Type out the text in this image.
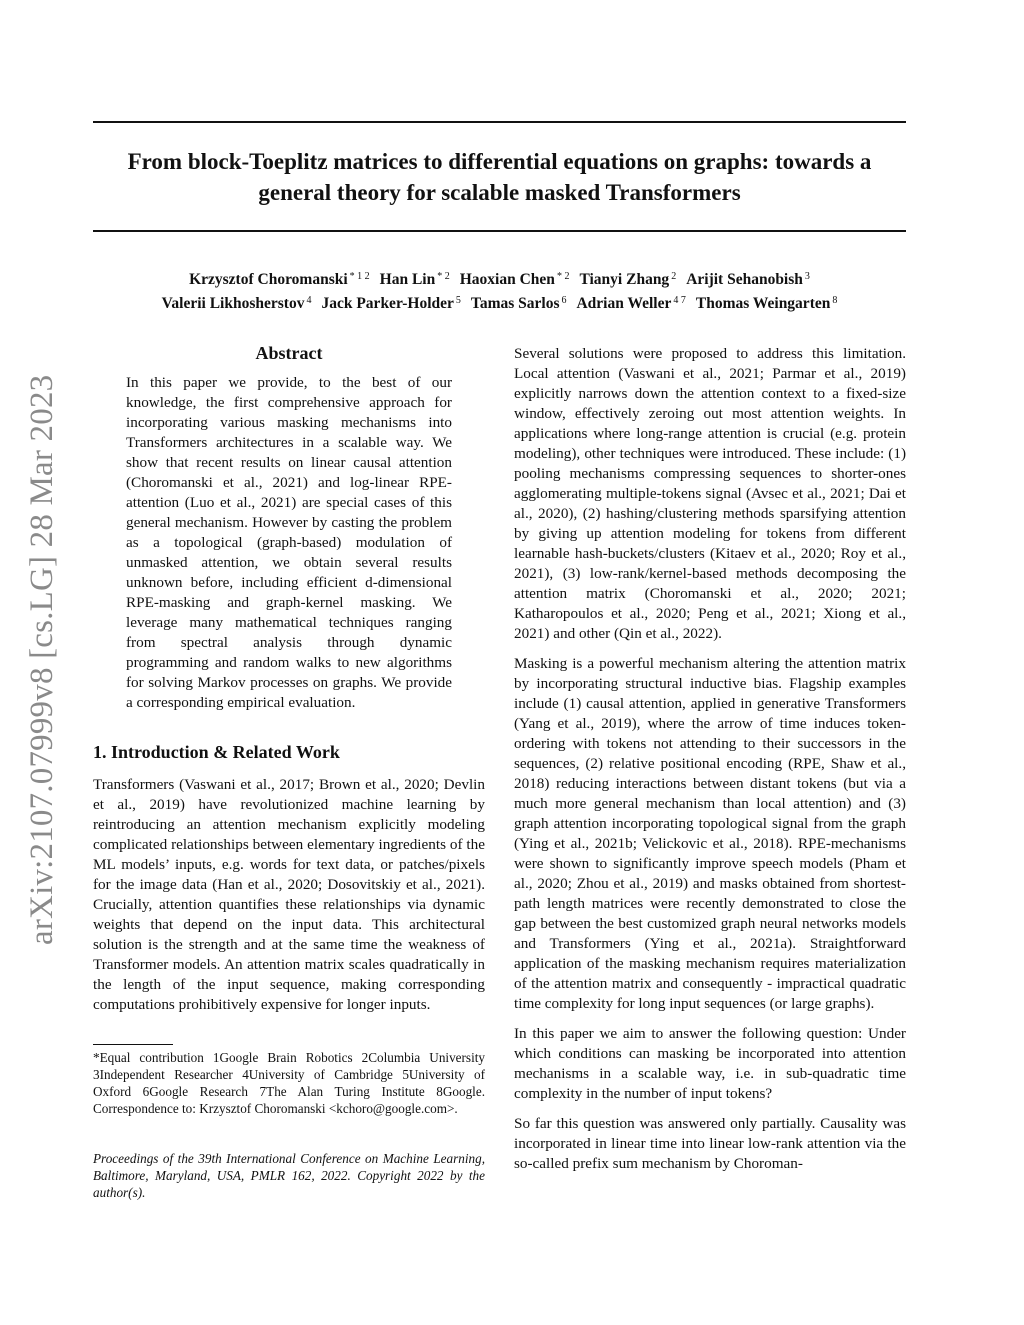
arXiv:2107.07999v8 [cs.LG] 28 Mar 2023
From block-Toeplitz matrices to differential equations on graphs: towards a
general theory for scalable masked Transformers
Krzysztof Choromanski $^{* 1 2}$ Han Lin $^{* 2}$ Haoxian Chen $^{* 2}$ Tianyi Zhang $^2$ Arijit Sehanobish $^3$
Valerii Likhosherstov $^4$ Jack Parker-Holder $^5$ Tamas Sarlos $^6$ Adrian Weller $^{4 7}$ Thomas Weingarten $^8$
Abstract

In this paper we provide, to the best of our knowledge, the first comprehensive approach for incorporating various masking mechanisms into Transformers architectures in a scalable way. We show that recent results on linear causal attention (Choromanski et al., 2021) and log-linear RPE-attention (Luo et al., 2021) are special cases of this general mechanism. However by casting the problem as a topological (graph-based) modulation of unmasked attention, we obtain several results unknown before, including efficient d-dimensional RPE-masking and graph-kernel masking. We leverage many mathematical techniques ranging from spectral analysis through dynamic programming and random walks to new algorithms for solving Markov processes on graphs. We provide a corresponding empirical evaluation.

1. Introduction & Related Work

Transformers (Vaswani et al., 2017; Brown et al., 2020; Devlin et al., 2019) have revolutionized machine learning by reintroducing an attention mechanism explicitly modeling complicated relationships between elementary ingredients of the ML models’ inputs, e.g. words for text data, or patches/pixels for the image data (Han et al., 2020; Dosovitskiy et al., 2021). Crucially, attention quantifies these relationships via dynamic weights that depend on the input data. This architectural solution is the strength and at the same time the weakness of Transformer models. An attention matrix scales quadratically in the length of the input sequence, making corresponding computations prohibitively expensive for longer inputs.

*Equal contribution 1Google Brain Robotics 2Columbia University 3Independent Researcher 4University of Cambridge 5University of Oxford 6Google Research 7The Alan Turing Institute 8Google. Correspondence to: Krzysztof Choromanski <kchoro@google.com>.

Proceedings of the 39th International Conference on Machine Learning, Baltimore, Maryland, USA, PMLR 162, 2022. Copyright 2022 by the author(s).

Several solutions were proposed to address this limitation. Local attention (Vaswani et al., 2021; Parmar et al., 2019) explicitly narrows down the attention context to a fixed-size window, effectively zeroing out most attention weights. In applications where long-range attention is crucial (e.g. protein modeling), other techniques were introduced. These include: (1) pooling mechanisms compressing sequences to shorter-ones agglomerating multiple-tokens signal (Avsec et al., 2021; Dai et al., 2020), (2) hashing/clustering methods sparsifying attention by giving up attention modeling for tokens from different learnable hash-buckets/clusters (Kitaev et al., 2020; Roy et al., 2021), (3) low-rank/kernel-based methods decomposing the attention matrix (Choromanski et al., 2020; 2021; Katharopoulos et al., 2020; Peng et al., 2021; Xiong et al., 2021) and other (Qin et al., 2022).

Masking is a powerful mechanism altering the attention matrix by incorporating structural inductive bias. Flagship examples include (1) causal attention, applied in generative Transformers (Yang et al., 2019), where the arrow of time induces token-ordering with tokens not attending to their successors in the sequences, (2) relative positional encoding (RPE, Shaw et al., 2018) reducing interactions between distant tokens (but via a much more general mechanism than local attention) and (3) graph attention incorporating topological signal from the graph (Ying et al., 2021b; Velickovic et al., 2018). RPE-mechanisms were shown to significantly improve speech models (Pham et al., 2020; Zhou et al., 2019) and masks obtained from shortest-path length matrices were recently demonstrated to close the gap between the best customized graph neural networks models and Transformers (Ying et al., 2021a). Straightforward application of the masking mechanism requires materialization of the attention matrix and consequently - impractical quadratic time complexity for long input sequences (or large graphs).

In this paper we aim to answer the following question: Under which conditions can masking be incorporated into attention mechanisms in a scalable way, i.e. in sub-quadratic time complexity in the number of input tokens?

So far this question was answered only partially. Causality was incorporated in linear time into linear low-rank attention via the so-called prefix sum mechanism by Choroman-
